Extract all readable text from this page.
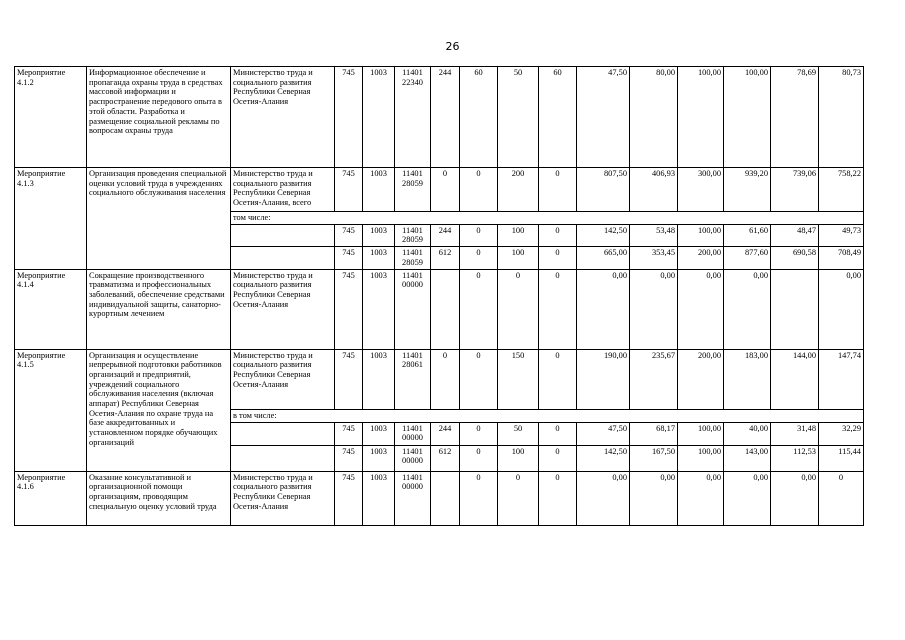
26
Мероприятие 4.1.2	Информационное обеспечение и пропаганда охраны труда в средствах массовой информации и распространение передового опыта в этой области. Разработка и размещение социальной рекламы по вопросам охраны труда	Министерство труда и социального развития Республики Северная Осетия-Алания	745	1003	11401 22340	244	60	50	60	47,50	80,00	100,00	100,00	78,69	80,73
Мероприятие 4.1.3	Организация проведения специальной оценки условий труда в учреждениях социального обслуживания населения	Министерство труда и социального развития Республики Северная Осетия-Алания, всего	745	1003	11401 28059	0	0	200	0	807,50	406,93	300,00	939,20	739,06	758,22
		том числе:													
			745	1003	11401 28059	244	0	100	0	142,50	53,48	100,00	61,60	48,47	49,73
			745	1003	11401 28059	612	0	100	0	665,00	353,45	200,00	877,60	690,58	708,49
Мероприятие 4.1.4	Сокращение производственного травматизма и профессиональных заболеваний, обеспечение средствами индивидуальной защиты, санаторно-курортным лечением	Министерство труда и социального развития Республики Северная Осетия-Алания	745	1003	11401 00000		0	0	0	0,00	0,00	0,00	0,00		0,00
Мероприятие 4.1.5	Организация и осуществление непрерывной подготовки работников организаций и предприятий, учреждений социального обслуживания населения (включая аппарат) Республики Северная Осетия-Алания по охране труда на базе аккредитованных и установленном порядке обучающих организаций	Министерство труда и социального развития Республики Северная Осетия-Алания	745	1003	11401 28061	0	0	150	0	190,00	235,67	200,00	183,00	144,00	147,74
		в том числе:													
			745	1003	11401 00000	244	0	50	0	47,50	68,17	100,00	40,00	31,48	32,29
			745	1003	11401 00000	612	0	100	0	142,50	167,50	100,00	143,00	112,53	115,44
Мероприятие 4.1.6	Оказание консультативной и организационной помощи организациям, проводящим специальную оценку условий труда	Министерство труда и социального развития Республики Северная Осетия-Алания	745	1003	11401 00000		0	0	0	0,00	0,00	0,00	0,00	0,00	0
